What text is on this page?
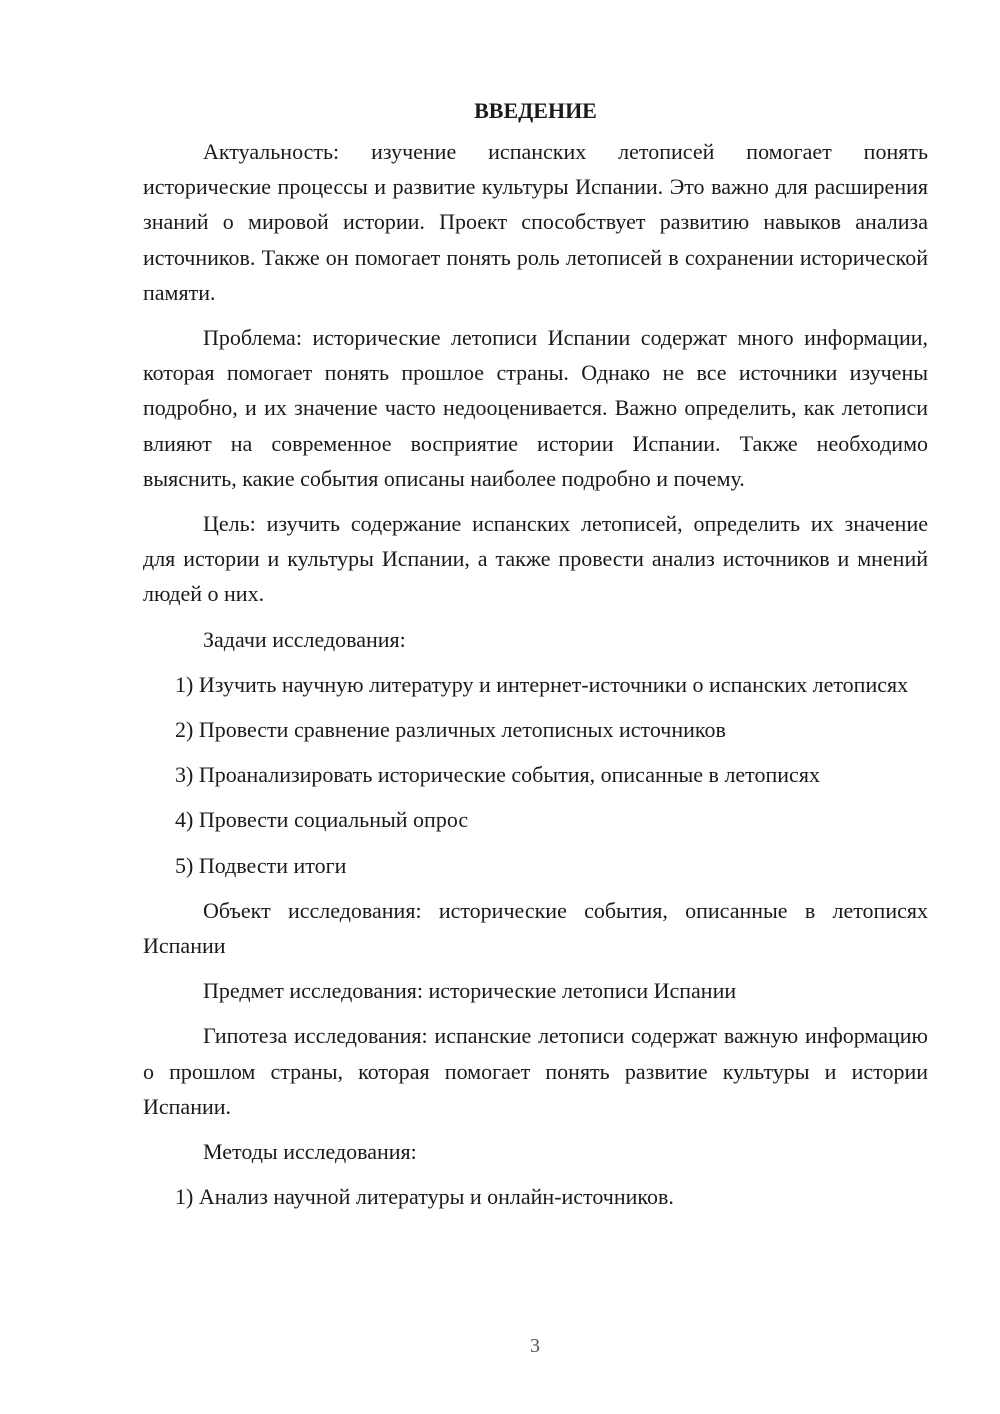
ВВЕДЕНИЕ

Актуальность: изучение испанских летописей помогает понять исторические процессы и развитие культуры Испании. Это важно для расширения знаний о мировой истории. Проект способствует развитию навыков анализа источников. Также он помогает понять роль летописей в сохранении исторической памяти.

Проблема: исторические летописи Испании содержат много информации, которая помогает понять прошлое страны. Однако не все источники изучены подробно, и их значение часто недооценивается. Важно определить, как летописи влияют на современное восприятие истории Испании. Также необходимо выяснить, какие события описаны наиболее подробно и почему.

Цель: изучить содержание испанских летописей, определить их значение для истории и культуры Испании, а также провести анализ источников и мнений людей о них.

Задачи исследования:

1) Изучить научную литературу и интернет-источники о испанских летописях

2) Провести сравнение различных летописных источников

3) Проанализировать исторические события, описанные в летописях

4) Провести социальный опрос

5) Подвести итоги

Объект исследования: исторические события, описанные в летописях Испании

Предмет исследования: исторические летописи Испании

Гипотеза исследования: испанские летописи содержат важную информацию о прошлом страны, которая помогает понять развитие культуры и истории Испании.

Методы исследования:

1) Анализ научной литературы и онлайн-источников.

3
